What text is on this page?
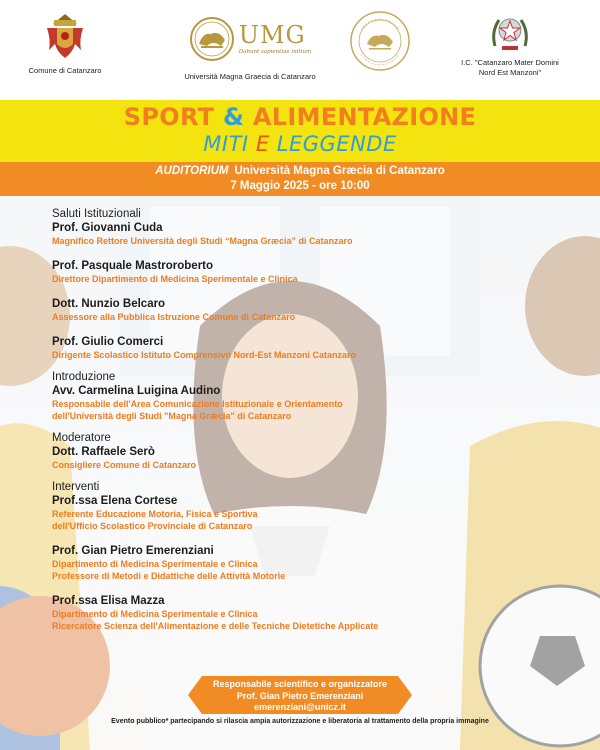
Comune di Catanzaro
UMG
Dabunt sapientiae initium
Università Magna Graecia di Catanzaro
I.C. "Catanzaro Mater Domini
Nord Est Manzoni"
SPORT & ALIMENTAZIONE
MITI E LEGGENDE
AUDITORIUM Università Magna Græcia di Catanzaro
7 Maggio 2025 - ore 10:00
Saluti Istituzionali
Prof. Giovanni Cuda
Magnifico Rettore Università degli Studi “Magna Græcia” di Catanzaro
Prof. Pasquale Mastroroberto
Direttore Dipartimento di Medicina Sperimentale e Clinica
Dott. Nunzio Belcaro
Assessore alla Pubblica Istruzione Comune di Catanzaro
Prof. Giulio Comerci
Dirigente Scolastico Istituto Comprensivo Nord-Est Manzoni Catanzaro
Introduzione
Avv. Carmelina Luigina Audino
Responsabile dell'Area Comunicazione Istituzionale e Orientamento
dell'Università degli Studi "Magna Græcia" di Catanzaro
Moderatore
Dott. Raffaele Serò
Consigliere Comune di Catanzaro
Interventi
Prof.ssa Elena Cortese
Referente Educazione Motoria, Fisica e Sportiva
dell'Ufficio Scolastico Provinciale di Catanzaro
Prof. Gian Pietro Emerenziani
Dipartimento di Medicina Sperimentale e Clinica
Professore di Metodi e Didattiche delle Attività Motorie
Prof.ssa Elisa Mazza
Dipartimento di Medicina Sperimentale e Clinica
Ricercatore Scienza dell'Alimentazione e delle Tecniche Dietetiche Applicate
Responsabile scientifico e organizzatore
Prof. Gian Pietro Emerenziani
emerenziani@unicz.it
Evento pubblico* partecipando si rilascia ampia autorizzazione e liberatoria al trattamento della propria immagine
